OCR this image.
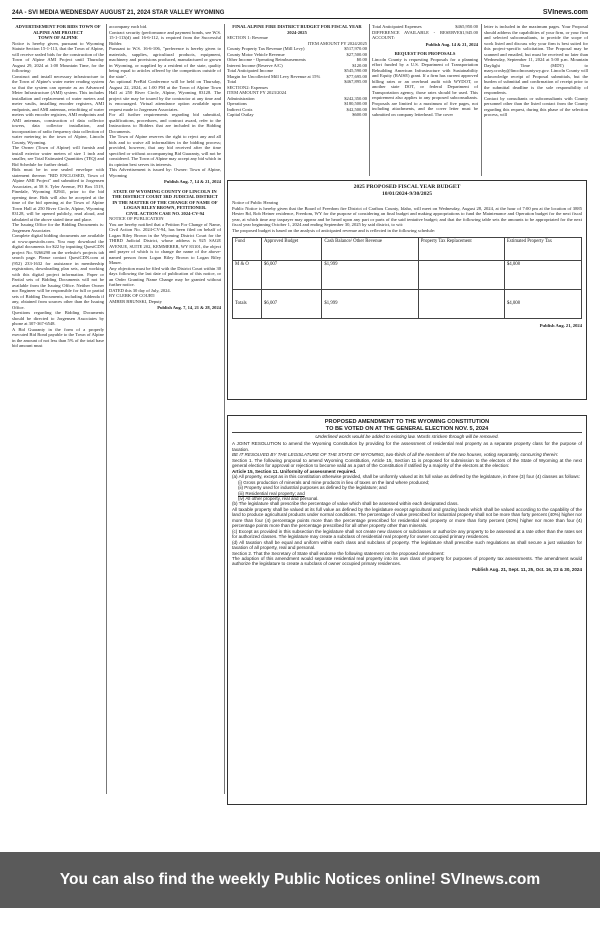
24A - SVI MEDIA WEDNESDAY AUGUST 21, 2024 STAR VALLEY WYOMING	SVInews.com

ADVERTISEMENT FOR BIDS TOWN OF ALPINE AMI PROJECT

TOWN OF ALPINE

Notice is hereby given, pursuant to Wyoming Statute Section 15-1-113, that the Town of Alpine, will receive sealed bids for the construction of the Town of Alpine AMI Project until Thursday August 29, 2024 at 1:00 Mountain Time, for the following:

Construct and install necessary infrastructure to the Town of Alpine's water meter reading system so that the system can operate as an Advanced Meter Infrastructure (AMI) system. This includes installation and replacement of water meters and meter vaults, installing encoder registers, AMI endpoints, and AMI antennas, retrofitting of water meters with encoder registers, AMI endpoints and AMI antennas, construction of data collector towers, data collector installation, and incorporation of radio frequency data collection of water metering in the town of Alpine, Lincoln County, Wyoming.

The Owner (Town of Alpine) will furnish and install exterior water meters of size 1 inch and smaller, see Total Estimated Quantities (TEQ) and Bid Schedule for further detail.

Bids must be in one sealed envelope with statement thereon "BID ENCLOSED, Town of Alpine AMI Project" and submitted to Jorgensen Associates, at 58 S. Tyler Avenue, PO Box 1519, Pinedale, Wyoming 82941, prior to the bid opening time. Bids will also be accepted at the time of the bid opening at the Town of Alpine Town Hall at 250 River Circle, Alpine, Wyoming 83128, will be opened publicly, read aloud, and tabulated at the above stated time and place.

The Issuing Office for the Bidding Documents is: Jorgensen Associates

Complete digital bidding documents are available at www.questcdn.com. You may download the digital documents for $22 by inputting QuestCDN project No. 9266290 on the website's projects tab search page. Please contact QuestCDN.com at (952) 233-1632 for assistance in membership registration, downloading plan sets, and working with this digital project information. Paper or Partial sets of Bidding Documents will not be available from the Issuing Office. Neither Owner nor Engineer will be responsible for full or partial sets of Bidding Documents, including Addenda if any, obtained from sources other than the Issuing Office.

Questions regarding the Bidding Documents should be directed to Jorgensen Associates by phone at 307-367-6548.

A Bid Guaranty in the form of a properly executed Bid Bond payable to the Town of Alpine in the amount of not less than 5% of the total base bid amount must

accompany each bid.

Contract security (performance and payment bonds, see W.S. 15-1-113(d) and 16-6-112, is required from the Successful Bidder.

Pursuant to W.S. 16-6-106, "preference is hereby given to materials, supplies, agricultural products, equipment, machinery and provisions produced, manufactured or grown in Wyoming, or supplied by a resident of the state, quality being equal to articles offered by the competitors outside of the state".

An optional PreBid Conference will be held on Thursday, August 22, 2024, at 1:00 PM at the Town of Alpine Town Hall at 250 River Circle, Alpine, Wyoming 83128. The project site may be toured by the contractor at any time and is encouraged. Virtual attendance option available upon request made to Jorgensen Associates.

For all further requirements regarding bid submittal, qualifications, procedures, and contract award, refer to the Instructions to Bidders that are included in the Bidding Documents.

The Town of Alpine reserves the right to reject any and all bids and to waive all informalities in the bidding process; provided, however, that any bid received after the time specified or without accompanying Bid Guaranty, will not be considered. The Town of Alpine may accept any bid which in its opinion best serves its interests.

This Advertisement is issued by: Owner: Town of Alpine, Wyoming

Publish Aug. 7, 14 & 21, 2024

STATE OF WYOMING COUNTY OF LINCOLN IN THE DISTRICT COURT 3RD JUDICIAL DISTRICT IN THE MATTER OF THE CHANGE OF NAME OF LOGAN RILEY BROWN, PETITIONER.

CIVIL ACTION CASE NO. 2024-CV-94

NOTICE OF PUBLICATION

You are hereby notified that a Petition For Change of Name, Civil Action No. 2024-CV-94, has been filed on behalf of Logan Riley Brown in the Wyoming District Court for the THIRD Judicial District, whose address is 925 SAGE AVENUE, SUITE 202, KEMMERER, WY 83101, the object and prayer of which is to change the name of the above-named person from Logan Riley Brown to Logan Riley Mauer.

Any objection must be filed with the District Court within 30 days following the last date of publication of this notice, or an Order Granting Name Change may be granted without further notice.

DATED this 30 day of July, 2024.

BY CLERK OF COURT:

AMBER BRUNSKI, Deputy

Publish Aug. 7, 14, 21 & 28, 2024

FINAL ALPINE FIRE DISTRICT BUDGET FOR FISCAL YEAR 2024-2025

SECTION 1: Revenue

ITEM AMOUNT FY 2024/2025

County Property Tax Revenue (Mill Levy)	$517,970.00
County Motor Vehicle Revenue	$27,500.00
Other Income - Operating Reimbursements	$0.00
Interest Income (Reserve A/C)	$120.00
Total Anticipated Income	$545,590.00
Margin for Uncollected Mill Levy Revenue at 15%	$77,695.00
Total	$467,895.00

SECTION2: Expenses

ITEM AMOUNT FY 2023/2024

Administration	$242,350.00
Operations	$180,500.00
Indirect Costs	$42,500.00
Capital Outlay	$600.00
Total Anticipated Expenses	$465,950.00
DIFFERENCE AVAILABLE - RESERVE ACCOUNT:
$1,945.00

Publish Aug. 14 & 21, 2024

REQUEST FOR PROPOSALS

Lincoln County is requesting Proposals for a planning effort funded by a U.S. Department of Transportation Rebuilding American Infrastructure with Sustainability and Equity (RAISE) grant. If a firm has current approved billing rates or an overhead audit with WYDOT, or another state DOT, or federal Department of Transportation agency, those rates should be used. This requirement also applies to any proposed subconsultants. Proposals are limited to a maximum of five pages, not including attachments, and the cover letter must be submitted on company letterhead. The cover

letter is included in the maximum pages. Your Proposal should address the capabilities of your firm, or your firm and selected subconsultants, to provide the scope of work listed and discuss why your firm is best suited for this project-specific solicitation. The Proposal may be scanned and emailed, but must be received no later than Wednesday, September 11, 2024 at 5:00 p.m. Mountain Daylight Time (MDT) to mary.crosby@lincolncountywy.gov. Lincoln County will acknowledge receipt of Proposal submittals, but the burden of submittal and confirmation of receipt prior to the submittal deadline is the sole responsibility of respondents.

Contact by consultants or subconsultants with County personnel other than the listed contact from the County regarding this request, during this phase of the selection process, will

2025 PROPOSED FISCAL YEAR BUDGET
10/01/2024-9/30/2025

Notice of Public Hearing

Public Notice is hereby given that the Board of Freedom fire District of Caribou County, Idaho, will meet on Wednesday, August 28, 2024, at the hour of 7:00 pm at the location of 3885 Hester Rd, Rob Heiner residence, Freedom, WY for the purpose of considering an final budget and making appropriations to fund the Maintenance and Operation budget for the next fiscal year, at which time any taxpayer may appear and be heard upon any part or parts of the said tentative budget; and that the following table sets the amounts to be appropriated for the next fiscal year beginning October 1, 2024 and ending September 30, 2025 by said district, to wit:

The proposed budget is based on the analysis of anticipated revenue and is reflected in the following schedule:

Fund	Approved Budget	Cash Balance/ Other Revenue	Property Tax Replacement	Estimated Property Tax
M & O	$6,007	$1,999		$4,008
Totals	$6,007	$1,999		$4,008

Publish Aug. 21, 2024

PROPOSED AMENDMENT TO THE WYOMING CONSTITUTION
TO BE VOTED ON AT THE GENERAL ELECTION NOV. 5, 2024
Underlined words would be added to existing law. Words stricken through will be removed.

A JOINT RESOLUTION to amend the Wyoming Constitution by providing for the assessment of residential real property as a separate property class for the purpose of taxation.

BE IT RESOLVED BY THE LEGISLATURE OF THE STATE OF WYOMING, two-thirds of all the members of the two houses, voting separately, concurring therein:

Section 1. The following proposal to amend Wyoming Constitution, Article 15, Section 11 is proposed for submission to the electors of the State of Wyoming at the next general election for approval or rejection to become valid as a part of the Constitution if ratified by a majority of the electors at the election:

Article 15, Section 11. Uniformity of assessment required.

(a) All property, except as in this constitution otherwise provided, shall be uniformly valued at its full value as defined by the legislature, in three (3) four (4) classes as follows:

(i) Gross production of minerals and mine products in lieu of taxes on the land where produced;

(ii) Property used for industrial purposes as defined by the legislature; and

(iii) Residential real property; and

(iv) All other property, real and personal.

(b) The legislature shall prescribe the percentage of value which shall be assessed within each designated class.

All taxable property shall be valued at its full value as defined by the legislature except agricultural and grazing lands which shall be valued according to the capability of the land to produce agricultural products under normal conditions. The percentage of value prescribed for industrial property shall not be more than forty percent (40%) higher nor more than four (4) percentage points more than the percentage prescribed for residential real property or more than forty percent (40%) higher nor more than four (4) percentage points more than the percentage prescribed for all other property other than minerals.

(c) Except as provided in this subsection the legislature shall not create new classes or subclasses or authorize any property to be assessed at a rate other than the rates set for authorized classes. The legislature may create a subclass of residential real property for owner occupied primary residences.

(d) All taxation shall be equal and uniform within each class and subclass of property. The legislature shall prescribe such regulations as shall secure a just valuation for taxation of all property, real and personal.

Section 2. That the Secretary of State shall endorse the following statement on the proposed amendment:

The adoption of this amendment would separate residential real property into its own class of property for purposes of property tax assessments. The amendment would authorize the legislature to create a subclass of owner occupied primary residences.

Publish Aug. 21, Sept. 11, 25, Oct. 16, 23 & 30, 2024

You can also find the weekly Public Notices online! SVInews.com
